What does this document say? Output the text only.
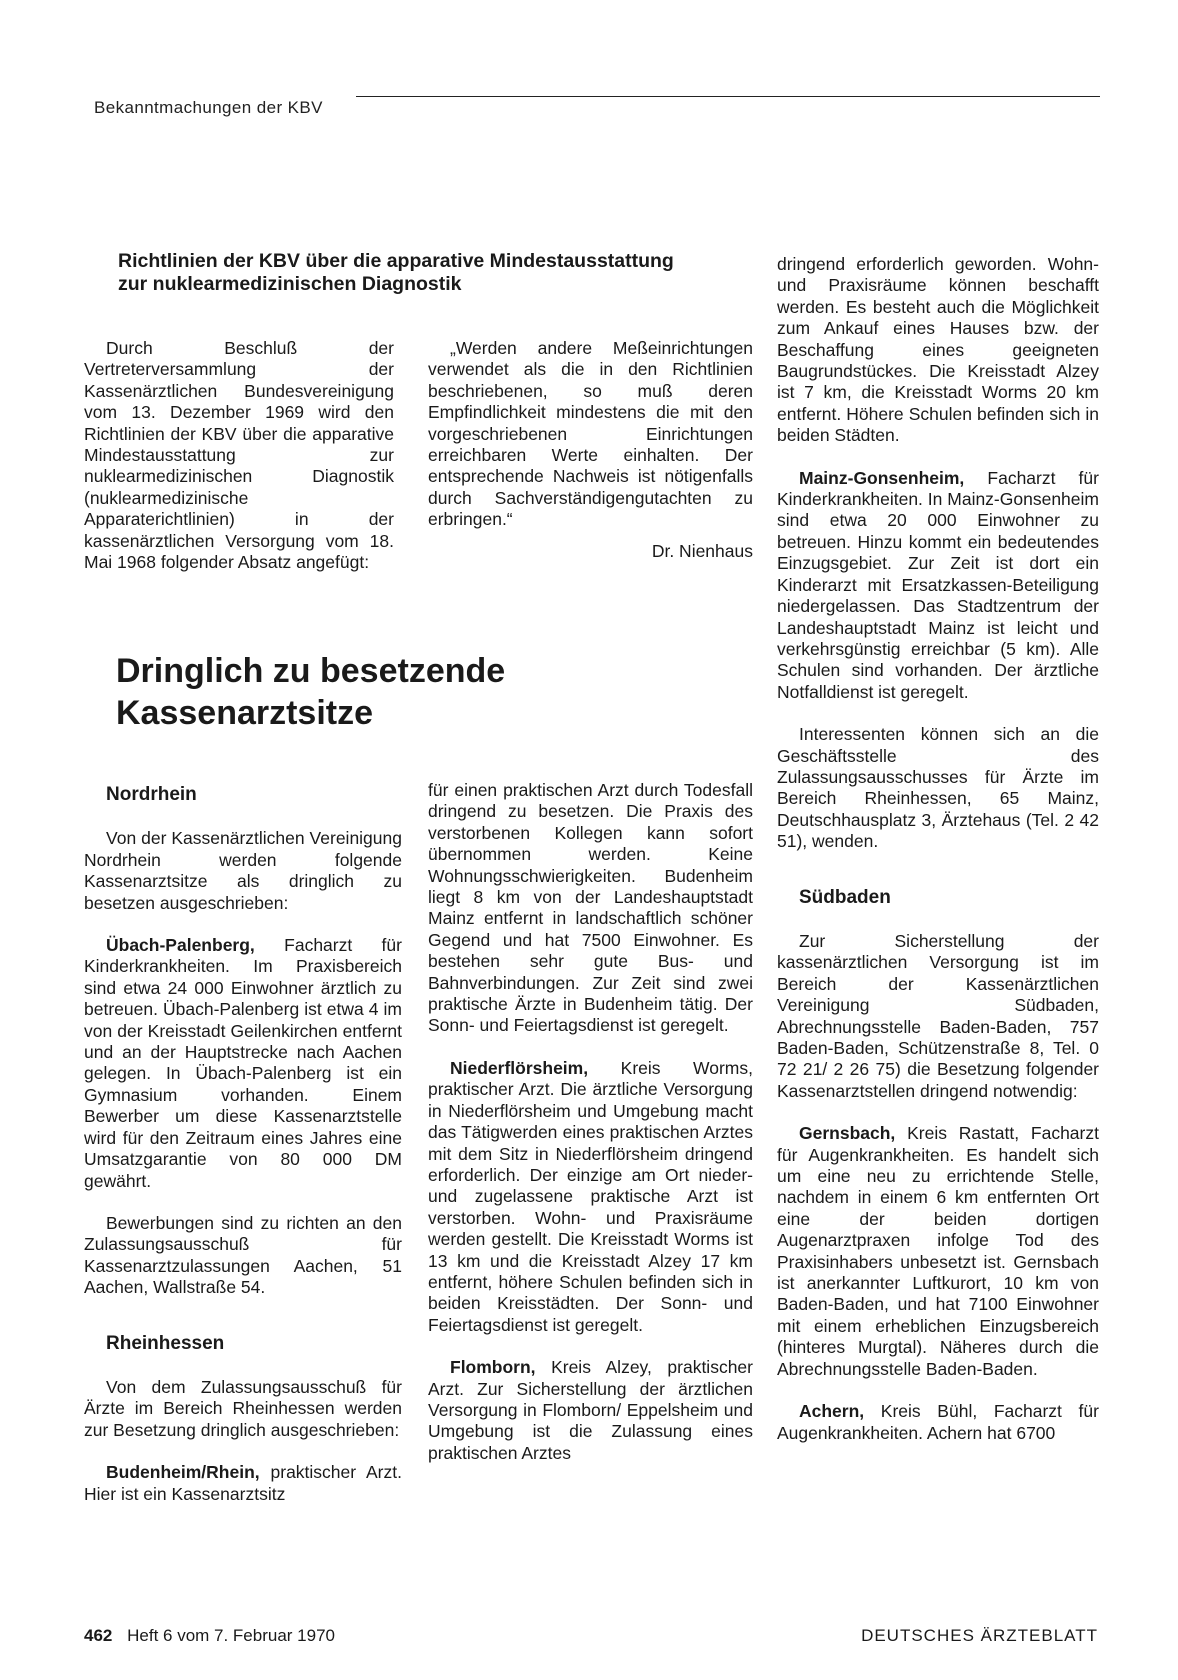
Bekanntmachungen der KBV
Richtlinien der KBV über die apparative Mindestausstattung
zur nuklearmedizinischen Diagnostik

Durch Beschluß der Vertreterversammlung der Kassenärztlichen Bundesvereinigung vom 13. Dezember 1969 wird den Richtlinien der KBV über die apparative Mindestausstattung zur nuklearmedizinischen Diagnostik (nuklearmedizinische Apparaterichtlinien) in der kassenärztlichen Versorgung vom 18. Mai 1968 folgender Absatz angefügt:

„Werden andere Meßeinrichtungen verwendet als die in den Richtlinien beschriebenen, so muß deren Empfindlichkeit mindestens die mit den vorgeschriebenen Einrichtungen erreichbaren Werte einhalten. Der entsprechende Nachweis ist nötigenfalls durch Sachverständigengutachten zu erbringen.“

Dr. Nienhaus
Dringlich zu besetzende
Kassenarztsitze
Nordrhein

Von der Kassenärztlichen Vereinigung Nordrhein werden folgende Kassenarztsitze als dringlich zu besetzen ausgeschrieben:

Übach-Palenberg, Facharzt für Kinderkrankheiten. Im Praxisbereich sind etwa 24 000 Einwohner ärztlich zu betreuen. Übach-Palenberg ist etwa 4 im von der Kreisstadt Geilenkirchen entfernt und an der Hauptstrecke nach Aachen gelegen. In Übach-Palenberg ist ein Gymnasium vorhanden. Einem Bewerber um diese Kassenarztstelle wird für den Zeitraum eines Jahres eine Umsatzgarantie von 80 000 DM gewährt.

Bewerbungen sind zu richten an den Zulassungsausschuß für Kassenarztzulassungen Aachen, 51 Aachen, Wallstraße 54.

Rheinhessen

Von dem Zulassungsausschuß für Ärzte im Bereich Rheinhessen werden zur Besetzung dringlich ausgeschrieben:

Budenheim/Rhein, praktischer Arzt. Hier ist ein Kassenarztsitz

für einen praktischen Arzt durch Todesfall dringend zu besetzen. Die Praxis des verstorbenen Kollegen kann sofort übernommen werden. Keine Wohnungsschwierigkeiten. Budenheim liegt 8 km von der Landeshauptstadt Mainz entfernt in landschaftlich schöner Gegend und hat 7500 Einwohner. Es bestehen sehr gute Bus- und Bahnverbindungen. Zur Zeit sind zwei praktische Ärzte in Budenheim tätig. Der Sonn- und Feiertagsdienst ist geregelt.

Niederflörsheim, Kreis Worms, praktischer Arzt. Die ärztliche Versorgung in Niederflörsheim und Umgebung macht das Tätigwerden eines praktischen Arztes mit dem Sitz in Niederflörsheim dringend erforderlich. Der einzige am Ort nieder- und zugelassene praktische Arzt ist verstorben. Wohn- und Praxisräume werden gestellt. Die Kreisstadt Worms ist 13 km und die Kreisstadt Alzey 17 km entfernt, höhere Schulen befinden sich in beiden Kreisstädten. Der Sonn- und Feiertagsdienst ist geregelt.

Flomborn, Kreis Alzey, praktischer Arzt. Zur Sicherstellung der ärztlichen Versorgung in Flomborn/ Eppelsheim und Umgebung ist die Zulassung eines praktischen Arztes

dringend erforderlich geworden. Wohn- und Praxisräume können beschafft werden. Es besteht auch die Möglichkeit zum Ankauf eines Hauses bzw. der Beschaffung eines geeigneten Baugrundstückes. Die Kreisstadt Alzey ist 7 km, die Kreisstadt Worms 20 km entfernt. Höhere Schulen befinden sich in beiden Städten.

Mainz-Gonsenheim, Facharzt für Kinderkrankheiten. In Mainz-Gonsenheim sind etwa 20 000 Einwohner zu betreuen. Hinzu kommt ein bedeutendes Einzugsgebiet. Zur Zeit ist dort ein Kinderarzt mit Ersatzkassen-Beteiligung niedergelassen. Das Stadtzentrum der Landeshauptstadt Mainz ist leicht und verkehrsgünstig erreichbar (5 km). Alle Schulen sind vorhanden. Der ärztliche Notfalldienst ist geregelt.

Interessenten können sich an die Geschäftsstelle des Zulassungsausschusses für Ärzte im Bereich Rheinhessen, 65 Mainz, Deutschhausplatz 3, Ärztehaus (Tel. 2 42 51), wenden.

Südbaden

Zur Sicherstellung der kassenärztlichen Versorgung ist im Bereich der Kassenärztlichen Vereinigung Südbaden, Abrechnungsstelle Baden-Baden, 757 Baden-Baden, Schützenstraße 8, Tel. 0 72 21/ 2 26 75) die Besetzung folgender Kassenarztstellen dringend notwendig:

Gernsbach, Kreis Rastatt, Facharzt für Augenkrankheiten. Es handelt sich um eine neu zu errichtende Stelle, nachdem in einem 6 km entfernten Ort eine der beiden dortigen Augenarztpraxen infolge Tod des Praxisinhabers unbesetzt ist. Gernsbach ist anerkannter Luftkurort, 10 km von Baden-Baden, und hat 7100 Einwohner mit einem erheblichen Einzugsbereich (hinteres Murgtal). Näheres durch die Abrechnungsstelle Baden-Baden.

Achern, Kreis Bühl, Facharzt für Augenkrankheiten. Achern hat 6700

462 Heft 6 vom 7. Februar 1970	DEUTSCHES ÄRZTEBLATT
